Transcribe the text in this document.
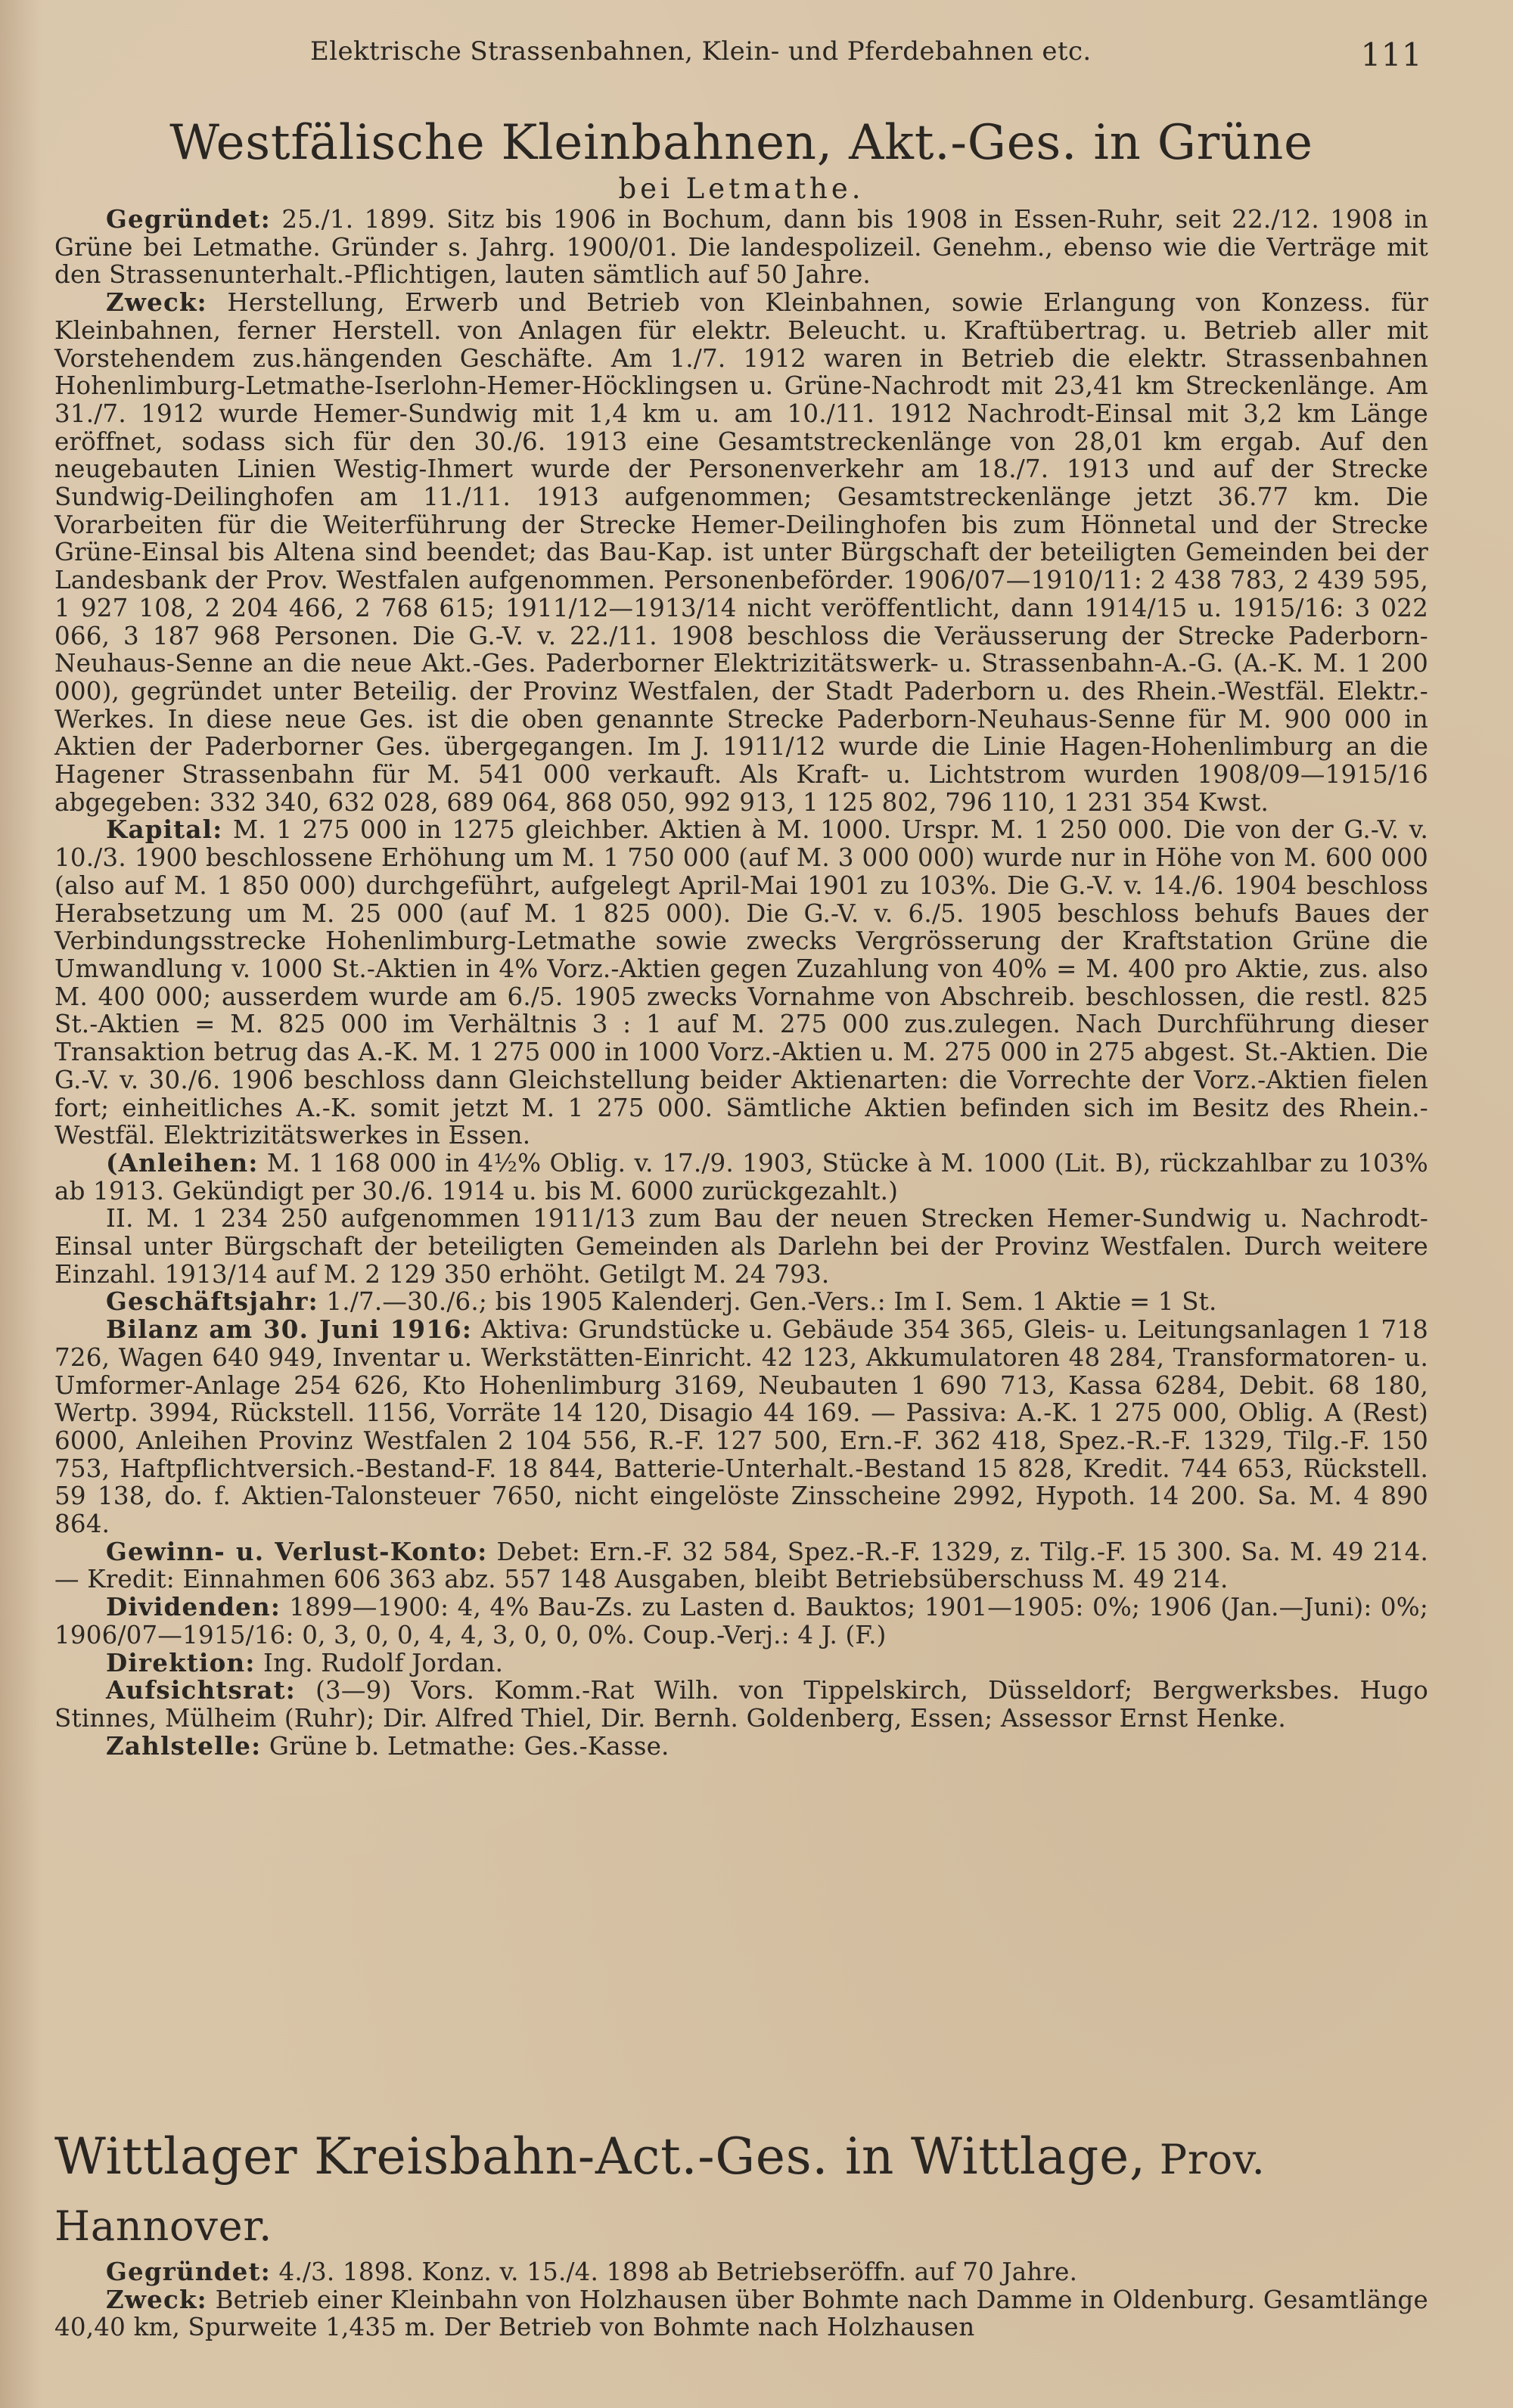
Elektrische Strassenbahnen, Klein- und Pferdebahnen etc.	111
Westfälische Kleinbahnen, Akt.-Ges. in Grüne
bei Letmathe.

Gegründet: 25./1. 1899. Sitz bis 1906 in Bochum, dann bis 1908 in Essen-Ruhr, seit 22./12. 1908 in Grüne bei Letmathe. Gründer s. Jahrg. 1900/01. Die landespolizeil. Genehm., ebenso wie die Verträge mit den Strassenunterhalt.-Pflichtigen, lauten sämtlich auf 50 Jahre.

Zweck: Herstellung, Erwerb und Betrieb von Kleinbahnen, sowie Erlangung von Konzess. für Kleinbahnen, ferner Herstell. von Anlagen für elektr. Beleucht. u. Kraftübertrag. u. Betrieb aller mit Vorstehendem zus.hängenden Geschäfte. Am 1./7. 1912 waren in Betrieb die elektr. Strassenbahnen Hohenlimburg-Letmathe-Iserlohn-Hemer-Höcklingsen u. Grüne-Nachrodt mit 23,41 km Streckenlänge. Am 31./7. 1912 wurde Hemer-Sundwig mit 1,4 km u. am 10./11. 1912 Nachrodt-Einsal mit 3,2 km Länge eröffnet, sodass sich für den 30./6. 1913 eine Gesamtstreckenlänge von 28,01 km ergab. Auf den neugebauten Linien Westig-Ihmert wurde der Personenverkehr am 18./7. 1913 und auf der Strecke Sundwig-Deilinghofen am 11./11. 1913 aufgenommen; Gesamtstreckenlänge jetzt 36.77 km. Die Vorarbeiten für die Weiterführung der Strecke Hemer-Deilinghofen bis zum Hönnetal und der Strecke Grüne-Einsal bis Altena sind beendet; das Bau-Kap. ist unter Bürgschaft der beteiligten Gemeinden bei der Landesbank der Prov. Westfalen aufgenommen. Personenbeförder. 1906/07—1910/11: 2 438 783, 2 439 595, 1 927 108, 2 204 466, 2 768 615; 1911/12—1913/14 nicht veröffentlicht, dann 1914/15 u. 1915/16: 3 022 066, 3 187 968 Personen. Die G.-V. v. 22./11. 1908 beschloss die Veräusserung der Strecke Paderborn-Neuhaus-Senne an die neue Akt.-Ges. Paderborner Elektrizitätswerk- u. Strassenbahn-A.-G. (A.-K. M. 1 200 000), gegründet unter Beteilig. der Provinz Westfalen, der Stadt Paderborn u. des Rhein.-Westfäl. Elektr.-Werkes. In diese neue Ges. ist die oben genannte Strecke Paderborn-Neuhaus-Senne für M. 900 000 in Aktien der Paderborner Ges. übergegangen. Im J. 1911/12 wurde die Linie Hagen-Hohenlimburg an die Hagener Strassenbahn für M. 541 000 verkauft. Als Kraft- u. Lichtstrom wurden 1908/09—1915/16 abgegeben: 332 340, 632 028, 689 064, 868 050, 992 913, 1 125 802, 796 110, 1 231 354 Kwst.

Kapital: M. 1 275 000 in 1275 gleichber. Aktien à M. 1000. Urspr. M. 1 250 000. Die von der G.-V. v. 10./3. 1900 beschlossene Erhöhung um M. 1 750 000 (auf M. 3 000 000) wurde nur in Höhe von M. 600 000 (also auf M. 1 850 000) durchgeführt, aufgelegt April-Mai 1901 zu 103%. Die G.-V. v. 14./6. 1904 beschloss Herabsetzung um M. 25 000 (auf M. 1 825 000). Die G.-V. v. 6./5. 1905 beschloss behufs Baues der Verbindungsstrecke Hohenlimburg-Letmathe sowie zwecks Vergrösserung der Kraftstation Grüne die Umwandlung v. 1000 St.-Aktien in 4% Vorz.-Aktien gegen Zuzahlung von 40% = M. 400 pro Aktie, zus. also M. 400 000; ausserdem wurde am 6./5. 1905 zwecks Vornahme von Abschreib. beschlossen, die restl. 825 St.-Aktien = M. 825 000 im Verhältnis 3 : 1 auf M. 275 000 zus.zulegen. Nach Durchführung dieser Transaktion betrug das A.-K. M. 1 275 000 in 1000 Vorz.-Aktien u. M. 275 000 in 275 abgest. St.-Aktien. Die G.-V. v. 30./6. 1906 beschloss dann Gleichstellung beider Aktienarten: die Vorrechte der Vorz.-Aktien fielen fort; einheitliches A.-K. somit jetzt M. 1 275 000. Sämtliche Aktien befinden sich im Besitz des Rhein.-Westfäl. Elektrizitätswerkes in Essen.

(Anleihen: M. 1 168 000 in 4½% Oblig. v. 17./9. 1903, Stücke à M. 1000 (Lit. B), rückzahlbar zu 103% ab 1913. Gekündigt per 30./6. 1914 u. bis M. 6000 zurückgezahlt.)

II. M. 1 234 250 aufgenommen 1911/13 zum Bau der neuen Strecken Hemer-Sundwig u. Nachrodt-Einsal unter Bürgschaft der beteiligten Gemeinden als Darlehn bei der Provinz Westfalen. Durch weitere Einzahl. 1913/14 auf M. 2 129 350 erhöht. Getilgt M. 24 793.

Geschäftsjahr: 1./7.—30./6.; bis 1905 Kalenderj. Gen.-Vers.: Im I. Sem. 1 Aktie = 1 St.

Bilanz am 30. Juni 1916: Aktiva: Grundstücke u. Gebäude 354 365, Gleis- u. Leitungsanlagen 1 718 726, Wagen 640 949, Inventar u. Werkstätten-Einricht. 42 123, Akkumulatoren 48 284, Transformatoren- u. Umformer-Anlage 254 626, Kto Hohenlimburg 3169, Neubauten 1 690 713, Kassa 6284, Debit. 68 180, Wertp. 3994, Rückstell. 1156, Vorräte 14 120, Disagio 44 169. — Passiva: A.-K. 1 275 000, Oblig. A (Rest) 6000, Anleihen Provinz Westfalen 2 104 556, R.-F. 127 500, Ern.-F. 362 418, Spez.-R.-F. 1329, Tilg.-F. 150 753, Haftpflichtversich.-Bestand-F. 18 844, Batterie-Unterhalt.-Bestand 15 828, Kredit. 744 653, Rückstell. 59 138, do. f. Aktien-Talonsteuer 7650, nicht eingelöste Zinsscheine 2992, Hypoth. 14 200. Sa. M. 4 890 864.

Gewinn- u. Verlust-Konto: Debet: Ern.-F. 32 584, Spez.-R.-F. 1329, z. Tilg.-F. 15 300. Sa. M. 49 214. — Kredit: Einnahmen 606 363 abz. 557 148 Ausgaben, bleibt Betriebsüberschuss M. 49 214.

Dividenden: 1899—1900: 4, 4% Bau-Zs. zu Lasten d. Bauktos; 1901—1905: 0%; 1906 (Jan.—Juni): 0%; 1906/07—1915/16: 0, 3, 0, 0, 4, 4, 3, 0, 0, 0%. Coup.-Verj.: 4 J. (F.)

Direktion: Ing. Rudolf Jordan.

Aufsichtsrat: (3—9) Vors. Komm.-Rat Wilh. von Tippelskirch, Düsseldorf; Bergwerksbes. Hugo Stinnes, Mülheim (Ruhr); Dir. Alfred Thiel, Dir. Bernh. Goldenberg, Essen; Assessor Ernst Henke.

Zahlstelle: Grüne b. Letmathe: Ges.-Kasse.

Wittlager Kreisbahn-Act.-Ges. in Wittlage, Prov. Hannover.

Gegründet: 4./3. 1898. Konz. v. 15./4. 1898 ab Betriebseröffn. auf 70 Jahre.

Zweck: Betrieb einer Kleinbahn von Holzhausen über Bohmte nach Damme in Oldenburg. Gesamtlänge 40,40 km, Spurweite 1,435 m. Der Betrieb von Bohmte nach Holzhausen
